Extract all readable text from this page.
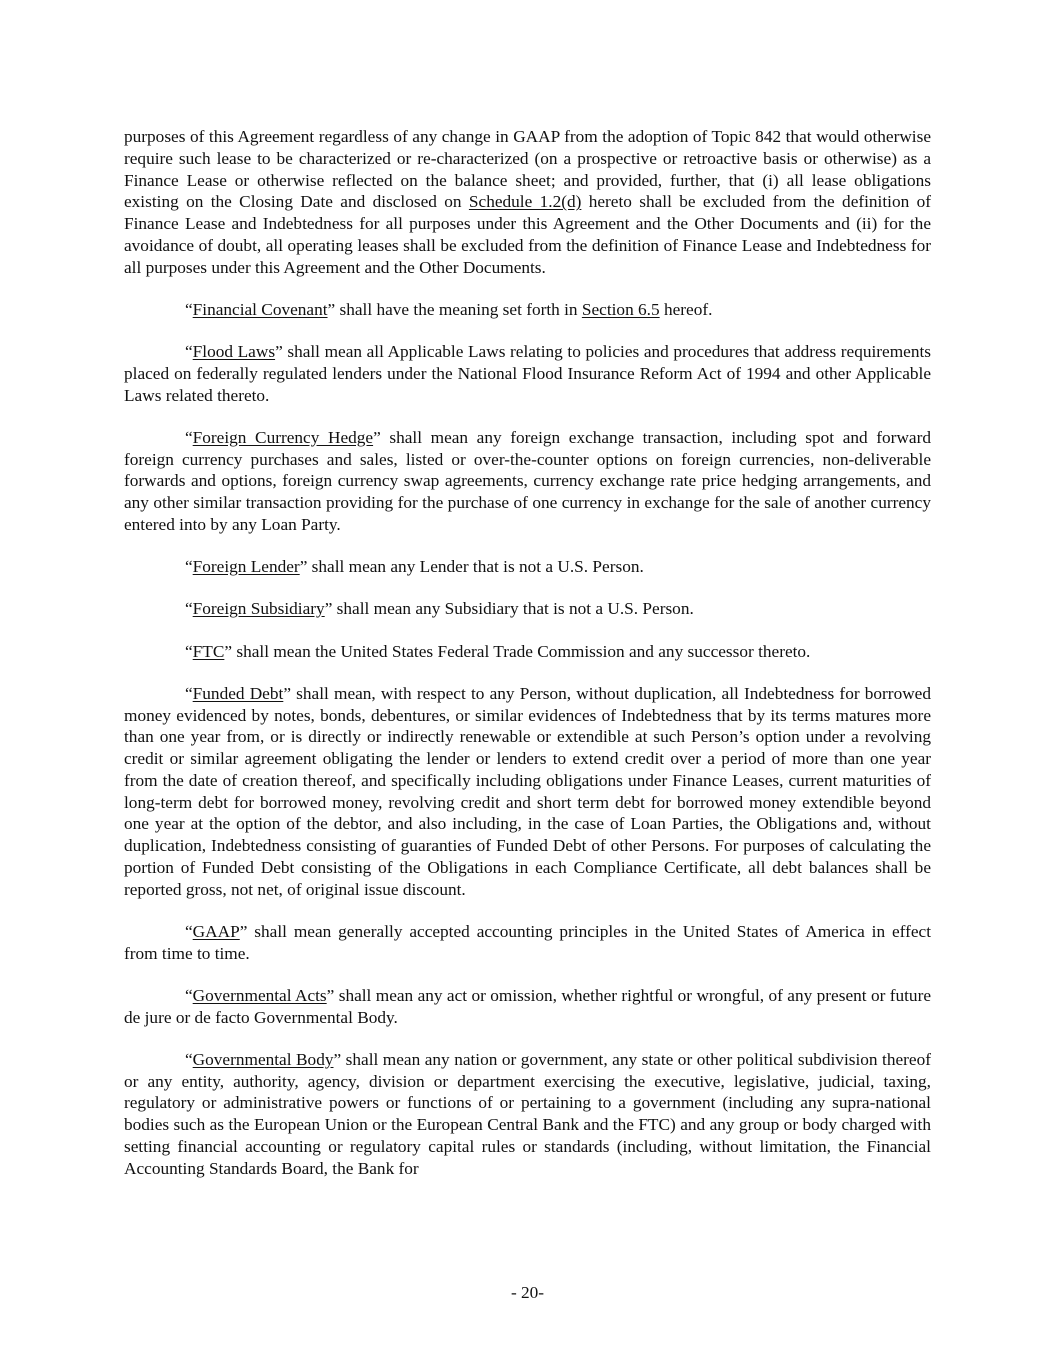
purposes of this Agreement regardless of any change in GAAP from the adoption of Topic 842 that would otherwise require such lease to be characterized or re-characterized (on a prospective or retroactive basis or otherwise) as a Finance Lease or otherwise reflected on the balance sheet; and provided, further, that (i) all lease obligations existing on the Closing Date and disclosed on Schedule 1.2(d) hereto shall be excluded from the definition of Finance Lease and Indebtedness for all purposes under this Agreement and the Other Documents and (ii) for the avoidance of doubt, all operating leases shall be excluded from the definition of Finance Lease and Indebtedness for all purposes under this Agreement and the Other Documents.

“Financial Covenant” shall have the meaning set forth in Section 6.5 hereof.

“Flood Laws” shall mean all Applicable Laws relating to policies and procedures that address requirements placed on federally regulated lenders under the National Flood Insurance Reform Act of 1994 and other Applicable Laws related thereto.

“Foreign Currency Hedge” shall mean any foreign exchange transaction, including spot and forward foreign currency purchases and sales, listed or over-the-counter options on foreign currencies, non-deliverable forwards and options, foreign currency swap agreements, currency exchange rate price hedging arrangements, and any other similar transaction providing for the purchase of one currency in exchange for the sale of another currency entered into by any Loan Party.

“Foreign Lender” shall mean any Lender that is not a U.S. Person.

“Foreign Subsidiary” shall mean any Subsidiary that is not a U.S. Person.

“FTC” shall mean the United States Federal Trade Commission and any successor thereto.

“Funded Debt” shall mean, with respect to any Person, without duplication, all Indebtedness for borrowed money evidenced by notes, bonds, debentures, or similar evidences of Indebtedness that by its terms matures more than one year from, or is directly or indirectly renewable or extendible at such Person’s option under a revolving credit or similar agreement obligating the lender or lenders to extend credit over a period of more than one year from the date of creation thereof, and specifically including obligations under Finance Leases, current maturities of long-term debt for borrowed money, revolving credit and short term debt for borrowed money extendible beyond one year at the option of the debtor, and also including, in the case of Loan Parties, the Obligations and, without duplication, Indebtedness consisting of guaranties of Funded Debt of other Persons. For purposes of calculating the portion of Funded Debt consisting of the Obligations in each Compliance Certificate, all debt balances shall be reported gross, not net, of original issue discount.

“GAAP” shall mean generally accepted accounting principles in the United States of America in effect from time to time.

“Governmental Acts” shall mean any act or omission, whether rightful or wrongful, of any present or future de jure or de facto Governmental Body.

“Governmental Body” shall mean any nation or government, any state or other political subdivision thereof or any entity, authority, agency, division or department exercising the executive, legislative, judicial, taxing, regulatory or administrative powers or functions of or pertaining to a government (including any supra-national bodies such as the European Union or the European Central Bank and the FTC) and any group or body charged with setting financial accounting or regulatory capital rules or standards (including, without limitation, the Financial Accounting Standards Board, the Bank for

- 20-
